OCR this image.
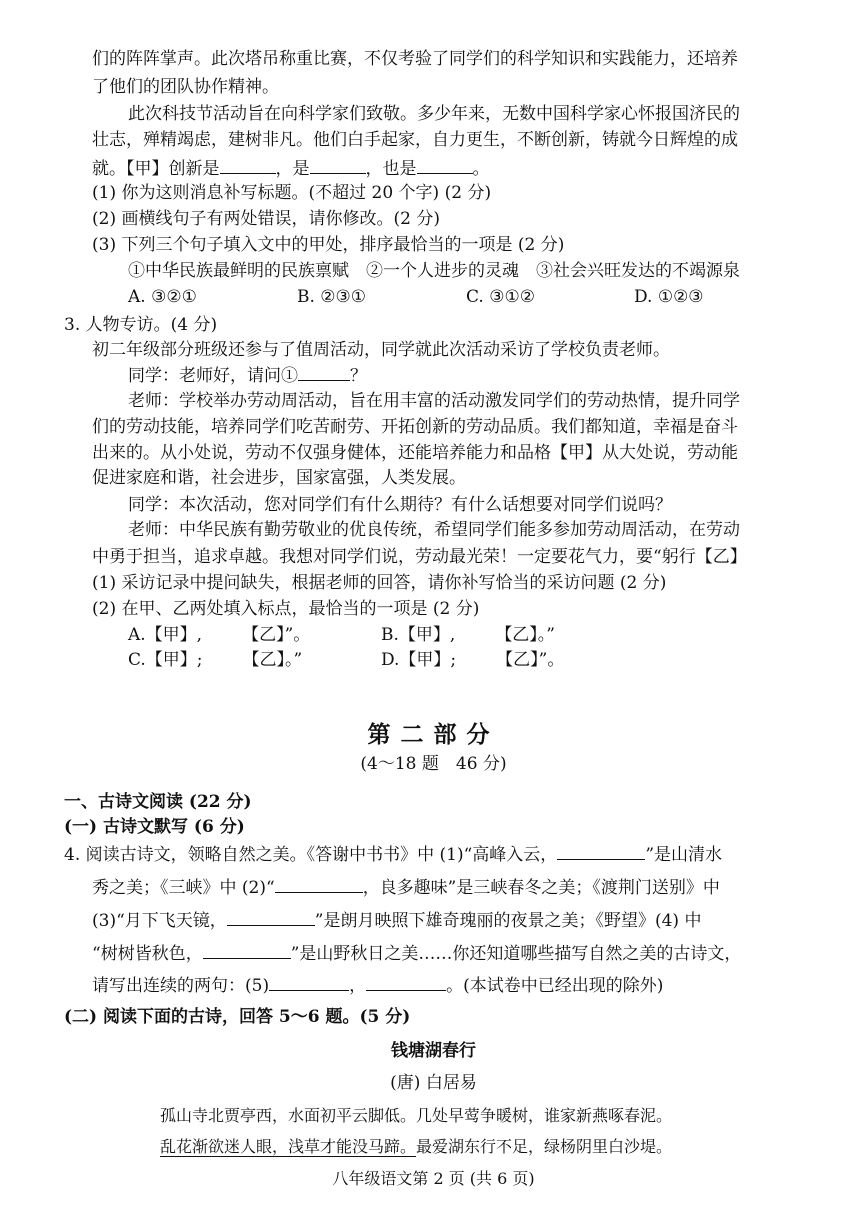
们的阵阵掌声。此次塔吊称重比赛，不仅考验了同学们的科学知识和实践能力，还培养
了他们的团队协作精神。
此次科技节活动旨在向科学家们致敬。多少年来，无数中国科学家心怀报国济民的
壮志，殚精竭虑，建树非凡。他们白手起家，自力更生，不断创新，铸就今日辉煌的成
就。【甲】创新是	，是	，也是	。
(1) 你为这则消息补写标题。(不超过 20 个字) (2 分)
(2) 画横线句子有两处错误，请你修改。(2 分)
(3) 下列三个句子填入文中的甲处，排序最恰当的一项是 (2 分)
①中华民族最鲜明的民族禀赋　②一个人进步的灵魂　③社会兴旺发达的不竭源泉
A. ③②①	B. ②③①	C. ③①②	D. ①②③
3. 人物专访。(4 分)
初二年级部分班级还参与了值周活动，同学就此次活动采访了学校负责老师。
同学：老师好，请问①	？
老师：学校举办劳动周活动，旨在用丰富的活动激发同学们的劳动热情，提升同学
们的劳动技能，培养同学们吃苦耐劳、开拓创新的劳动品质。我们都知道，幸福是奋斗
出来的。从小处说，劳动不仅强身健体，还能培养能力和品格【甲】从大处说，劳动能
促进家庭和谐，社会进步，国家富强，人类发展。
同学：本次活动，您对同学们有什么期待？有什么话想要对同学们说吗？
老师：中华民族有勤劳敬业的优良传统，希望同学们能多参加劳动周活动，在劳动
中勇于担当，追求卓越。我想对同学们说，劳动最光荣！一定要花气力，要“躬行【乙】
(1) 采访记录中提问缺失，根据老师的回答，请你补写恰当的采访问题 (2 分)
(2) 在甲、乙两处填入标点，最恰当的一项是 (2 分)
A.【甲】, 【乙】”。	B.【甲】, 【乙】。”
C.【甲】; 【乙】。”	D.【甲】; 【乙】”。
第二部分
(4～18 题　46 分)
一、古诗文阅读 (22 分)
(一) 古诗文默写 (6 分)
4. 阅读古诗文，领略自然之美。《答谢中书书》中 (1)“高峰入云，	”是山清水
秀之美；《三峡》中 (2)“	，良多趣味”是三峡春冬之美；《渡荆门送别》中
(3)“月下飞天镜，	”是朗月映照下雄奇瑰丽的夜景之美；《野望》(4) 中
“树树皆秋色，	”是山野秋日之美……你还知道哪些描写自然之美的古诗文，
请写出连续的两句：(5)	，	。(本试卷中已经出现的除外)
(二) 阅读下面的古诗，回答 5～6 题。(5 分)
钱塘湖春行
(唐) 白居易
孤山寺北贾亭西，水面初平云脚低。几处早莺争暖树，谁家新燕啄春泥。
乱花渐欲迷人眼，浅草才能没马蹄。最爱湖东行不足，绿杨阴里白沙堤。
八年级语文第 2 页 (共 6 页)
